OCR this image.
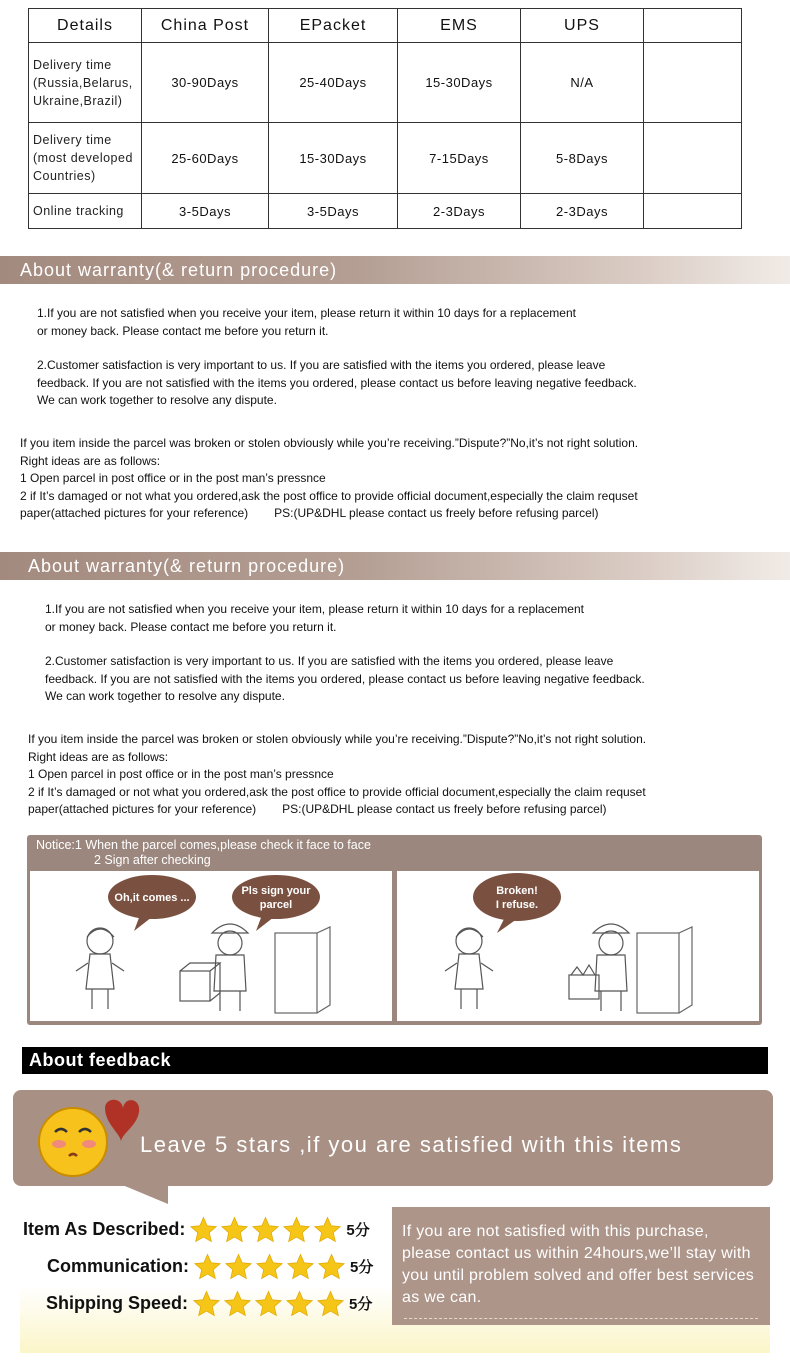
Details	China Post	EPacket	EMS	UPS	
Delivery time
(Russia,Belarus,
Ukraine,Brazil)	30-90Days	25-40Days	15-30Days	N/A	
Delivery time
(most developed
Countries)	25-60Days	15-30Days	7-15Days	5-8Days	
Online tracking	3-5Days	3-5Days	2-3Days	2-3Days	
About warranty(& return procedure)

1.If you are not satisfied when you receive your item, please return it within 10 days for a replacement

or money back. Please contact me before you return it.

2.Customer satisfaction is very important to us. If you are satisfied with the items you ordered, please leave

feedback. If you are not satisfied with the items you ordered, please contact us before leaving negative feedback.

We can work together to resolve any dispute.

If you item inside the parcel was broken or stolen obviously while you’re receiving.”Dispute?”No,it’s not right solution.

Right ideas are as follows:

1 Open parcel in post office or in the post man’s pressnce

2 if It’s damaged or not what you ordered,ask the post office to provide official document,especially the claim requset

paper(attached pictures for your reference) PS:(UP&DHL please contact us freely before refusing parcel)

About warranty(& return procedure)

1.If you are not satisfied when you receive your item, please return it within 10 days for a replacement

or money back. Please contact me before you return it.

2.Customer satisfaction is very important to us. If you are satisfied with the items you ordered, please leave

feedback. If you are not satisfied with the items you ordered, please contact us before leaving negative feedback.

We can work together to resolve any dispute.

If you item inside the parcel was broken or stolen obviously while you’re receiving.”Dispute?”No,it’s not right solution.

Right ideas are as follows:

1 Open parcel in post office or in the post man’s pressnce

2 if It’s damaged or not what you ordered,ask the post office to provide official document,especially the claim requset

paper(attached pictures for your reference) PS:(UP&DHL please contact us freely before refusing parcel)

Notice:1 When the parcel comes,please check it face to face
2 Sign after checking
Oh,it comes ...
Pls sign your
parcel
Broken!
I refuse.
About feedback
Leave 5 stars ,if you are satisfied with this items
Item As Described:	5分
Communication:	5分
Shipping Speed:	5分
If you are not satisfied with this purchase, please contact us within 24hours,we’ll stay with you until problem solved and offer best services as we can.
